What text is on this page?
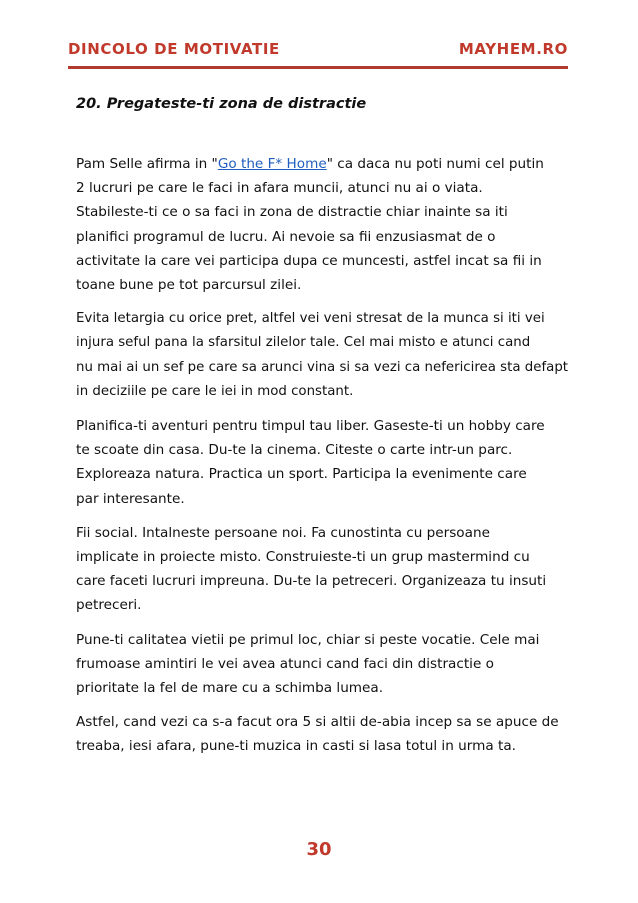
DINCOLO DE MOTIVATIE	MAYHEM.RO
20. Pregateste-ti zona de distractie

Pam Selle afirma in "Go the F* Home" ca daca nu poti numi cel putin
2 lucruri pe care le faci in afara muncii, atunci nu ai o viata.
Stabileste-ti ce o sa faci in zona de distractie chiar inainte sa iti
planifici programul de lucru. Ai nevoie sa fii enzusiasmat de o
activitate la care vei participa dupa ce muncesti, astfel incat sa fii in
toane bune pe tot parcursul zilei.

Evita letargia cu orice pret, altfel vei veni stresat de la munca si iti vei
injura seful pana la sfarsitul zilelor tale. Cel mai misto e atunci cand
nu mai ai un sef pe care sa arunci vina si sa vezi ca nefericirea sta defapt
in deciziile pe care le iei in mod constant.

Planifica-ti aventuri pentru timpul tau liber. Gaseste-ti un hobby care
te scoate din casa. Du-te la cinema. Citeste o carte intr-un parc.
Exploreaza natura. Practica un sport. Participa la evenimente care
par interesante.

Fii social. Intalneste persoane noi. Fa cunostinta cu persoane
implicate in proiecte misto. Construieste-ti un grup mastermind cu
care faceti lucruri impreuna. Du-te la petreceri. Organizeaza tu insuti
petreceri.

Pune-ti calitatea vietii pe primul loc, chiar si peste vocatie. Cele mai
frumoase amintiri le vei avea atunci cand faci din distractie o
prioritate la fel de mare cu a schimba lumea.

Astfel, cand vezi ca s-a facut ora 5 si altii de-abia incep sa se apuce de
treaba, iesi afara, pune-ti muzica in casti si lasa totul in urma ta.

30
